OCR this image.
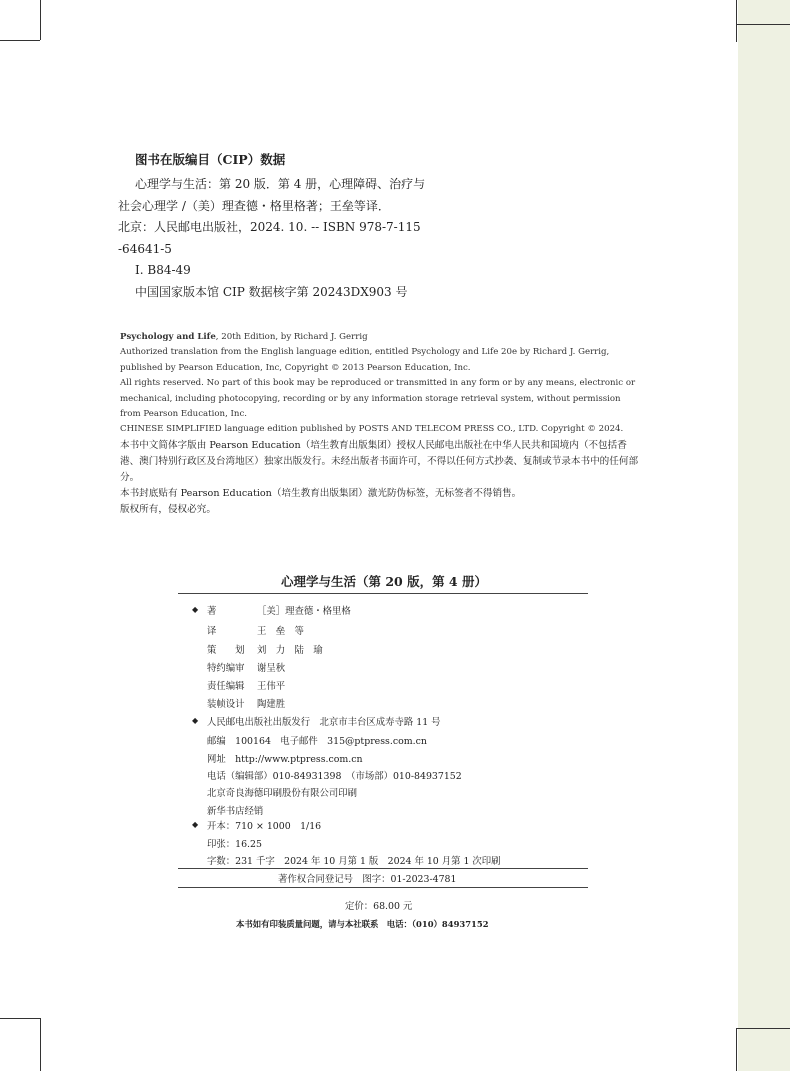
图书在版编目（CIP）数据
心理学与生活：第 20 版．第 4 册，心理障碍、治疗与
社会心理学 /（美）理查德・格里格著；王垒等译．
北京：人民邮电出版社，2024. 10. -- ISBN 978-7-115
-64641-5
Ⅰ. B84-49
中国国家版本馆 CIP 数据核字第 20243DX903 号

Psychology and Life, 20th Edition, by Richard J. Gerrig

Authorized translation from the English language edition, entitled Psychology and Life 20e by Richard J. Gerrig, published by Pearson Education, Inc, Copyright © 2013 Pearson Education, Inc.

All rights reserved. No part of this book may be reproduced or transmitted in any form or by any means, electronic or mechanical, including photocopying, recording or by any information storage retrieval system, without permission from Pearson Education, Inc.

CHINESE SIMPLIFIED language edition published by POSTS AND TELECOM PRESS CO., LTD. Copyright © 2024.

本书中文简体字版由 Pearson Education（培生教育出版集团）授权人民邮电出版社在中华人民共和国境内（不包括香港、澳门特别行政区及台湾地区）独家出版发行。未经出版者书面许可，不得以任何方式抄袭、复制或节录本书中的任何部分。

本书封底贴有 Pearson Education（培生教育出版集团）激光防伪标签，无标签者不得销售。

版权所有，侵权必究。

心理学与生活（第 20 版，第 4 册）
◆ 著	［美］理查德・格里格
译	王　垒　等
策　　划 刘　力　陆　瑜
特约编审 谢呈秋
责任编辑 王伟平
装帧设计 陶建胜
◆ 人民邮电出版社出版发行　北京市丰台区成寿寺路 11 号
邮编　100164　电子邮件　315@ptpress.com.cn
网址　http://www.ptpress.com.cn
电话（编辑部）010-84931398　（市场部）010-84937152
北京奇良海德印刷股份有限公司印刷
新华书店经销
◆ 开本：710 × 1000　1/16
印张：16.25
字数：231 千字　2024 年 10 月第 1 版　2024 年 10 月第 1 次印刷
著作权合同登记号　图字：01-2023-4781
定价：68.00 元
本书如有印装质量问题，请与本社联系　电话：（010）84937152
